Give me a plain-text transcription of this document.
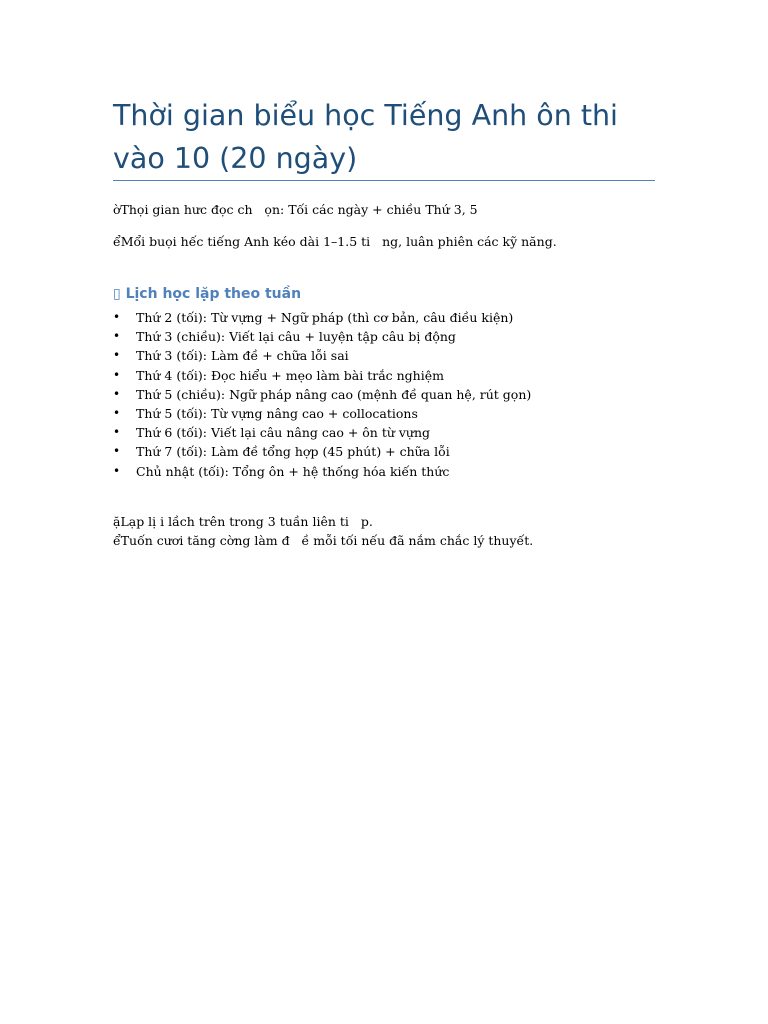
Thời gian biểu học Tiếng Anh ôn thi vào 10 (20 ngày)

ờThọi gian hưc đọc ch   ọn: Tối các ngày + chiều Thứ 3, 5

ểMổi buọi hếc tiếng Anh kéo dài 1–1.5 ti   ng, luân phiên các kỹ năng.

▯ Lịch học lặp theo tuần
• Thứ 2 (tối): Từ vựng + Ngữ pháp (thì cơ bản, câu điều kiện)
• Thứ 3 (chiều): Viết lại câu + luyện tập câu bị động
• Thứ 3 (tối): Làm đề + chữa lỗi sai
• Thứ 4 (tối): Đọc hiểu + mẹo làm bài trắc nghiệm
• Thứ 5 (chiều): Ngữ pháp nâng cao (mệnh đề quan hệ, rút gọn)
• Thứ 5 (tối): Từ vựng nâng cao + collocations
• Thứ 6 (tối): Viết lại câu nâng cao + ôn từ vựng
• Thứ 7 (tối): Làm đề tổng hợp (45 phút) + chữa lỗi
• Chủ nhật (tối): Tổng ôn + hệ thống hóa kiến thức

ặLạp lị i lầch trên trong 3 tuần liên ti   p.

ểTuốn cươi tăng cờng làm đ   ề mỗi tối nếu đã nắm chắc lý thuyết.
